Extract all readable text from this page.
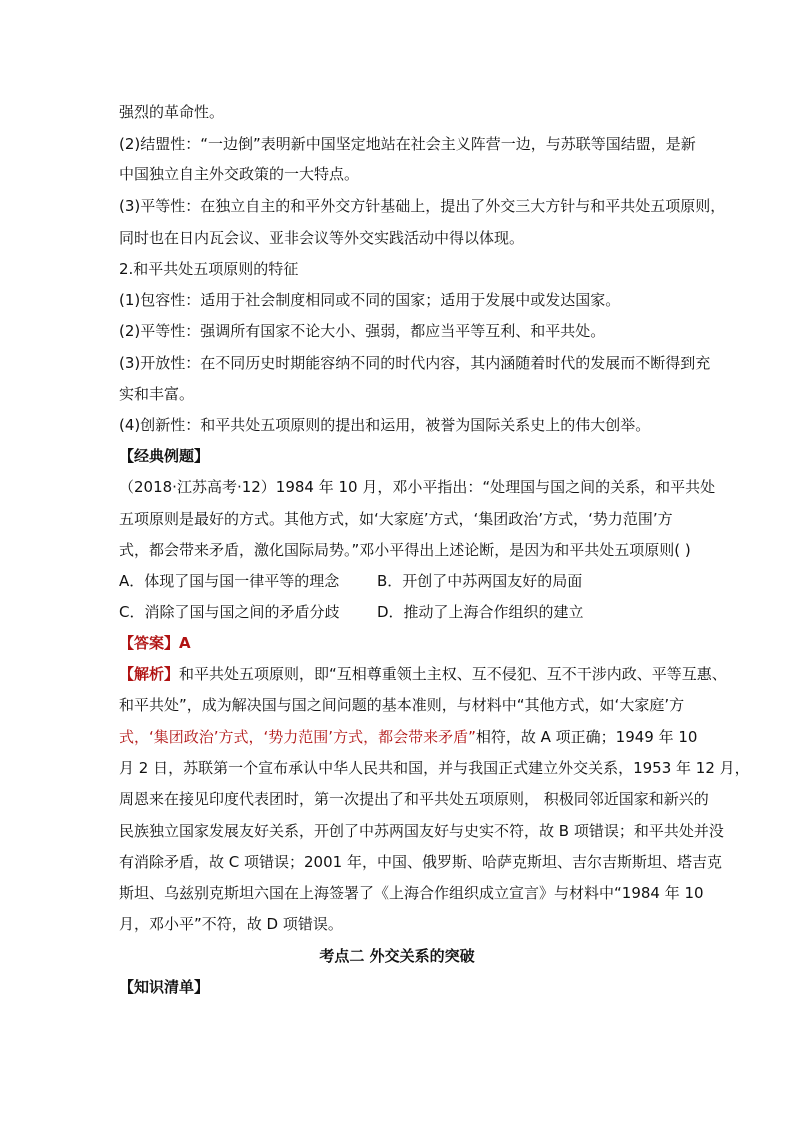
强烈的革命性。
(2)结盟性：“一边倒”表明新中国坚定地站在社会主义阵营一边，与苏联等国结盟，是新
中国独立自主外交政策的一大特点。
(3)平等性：在独立自主的和平外交方针基础上，提出了外交三大方针与和平共处五项原则，
同时也在日内瓦会议、亚非会议等外交实践活动中得以体现。
2.和平共处五项原则的特征
(1)包容性：适用于社会制度相同或不同的国家；适用于发展中或发达国家。
(2)平等性：强调所有国家不论大小、强弱，都应当平等互利、和平共处。
(3)开放性：在不同历史时期能容纳不同的时代内容，其内涵随着时代的发展而不断得到充
实和丰富。
(4)创新性：和平共处五项原则的提出和运用，被誉为国际关系史上的伟大创举。
【经典例题】
（2018·江苏高考·12）1984 年 10 月，邓小平指出：“处理国与国之间的关系，和平共处
五项原则是最好的方式。其他方式，如‘大家庭’方式，‘集团政治’方式，‘势力范围’方
式，都会带来矛盾，激化国际局势。”邓小平得出上述论断，是因为和平共处五项原则( )
A．体现了国与国一律平等的理念	B．开创了中苏两国友好的局面
C．消除了国与国之间的矛盾分歧	D．推动了上海合作组织的建立
【答案】A
【解析】和平共处五项原则，即“互相尊重领土主权、互不侵犯、互不干涉内政、平等互惠、
和平共处”，成为解决国与国之间问题的基本准则，与材料中“其他方式，如‘大家庭’方
式，‘集团政治’方式，‘势力范围’方式，都会带来矛盾”相符，故 A 项正确；1949 年 10
月 2 日，苏联第一个宣布承认中华人民共和国，并与我国正式建立外交关系，1953 年 12 月，
周恩来在接见印度代表团时，第一次提出了和平共处五项原则， 积极同邻近国家和新兴的
民族独立国家发展友好关系，开创了中苏两国友好与史实不符，故 B 项错误；和平共处并没
有消除矛盾，故 C 项错误；2001 年，中国、俄罗斯、哈萨克斯坦、吉尔吉斯斯坦、塔吉克
斯坦、乌兹别克斯坦六国在上海签署了《上海合作组织成立宣言》与材料中“1984 年 10
月，邓小平”不符，故 D 项错误。
考点二 外交关系的突破
【知识清单】
